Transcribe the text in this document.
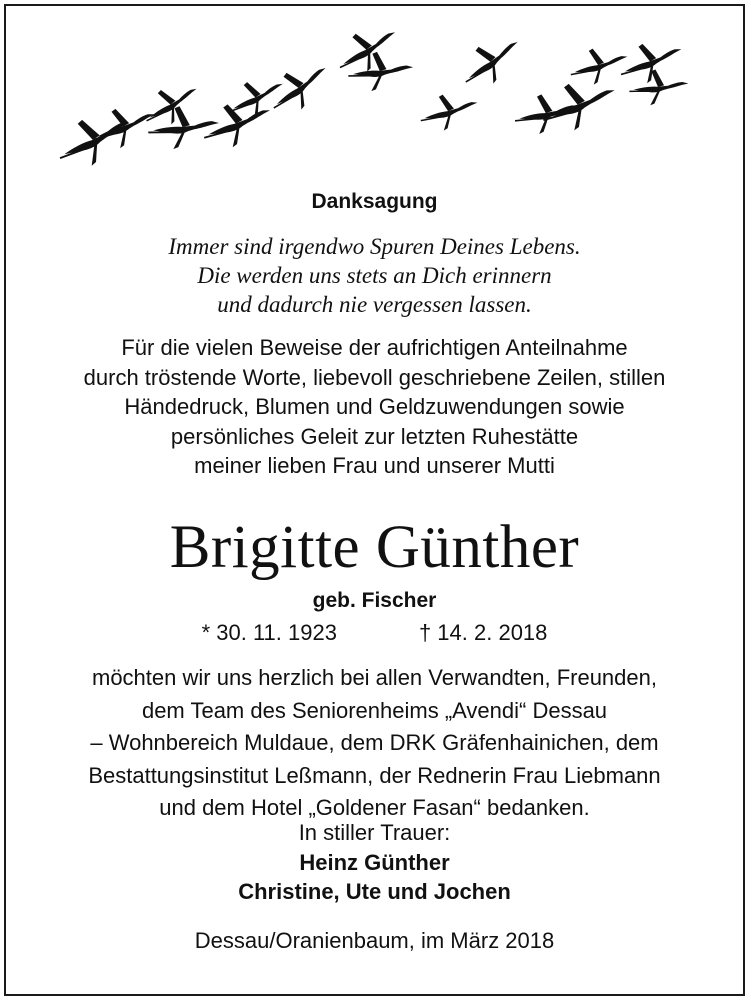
Danksagung
Immer sind irgendwo Spuren Deines Lebens.
Die werden uns stets an Dich erinnern
und dadurch nie vergessen lassen.
Für die vielen Beweise der aufrichtigen Anteilnahme
durch tröstende Worte, liebevoll geschriebene Zeilen, stillen
Händedruck, Blumen und Geldzuwendungen sowie
persönliches Geleit zur letzten Ruhestätte
meiner lieben Frau und unserer Mutti
Brigitte Günther
geb. Fischer
* 30. 11. 1923	† 14. 2. 2018
möchten wir uns herzlich bei allen Verwandten, Freunden,
dem Team des Seniorenheims „Avendi“ Dessau
– Wohnbereich Muldaue, dem DRK Gräfenhainichen, dem
Bestattungsinstitut Leßmann, der Rednerin Frau Liebmann
und dem Hotel „Goldener Fasan“ bedanken.
In stiller Trauer:
Heinz Günther
Christine, Ute und Jochen
Dessau/Oranienbaum, im März 2018
